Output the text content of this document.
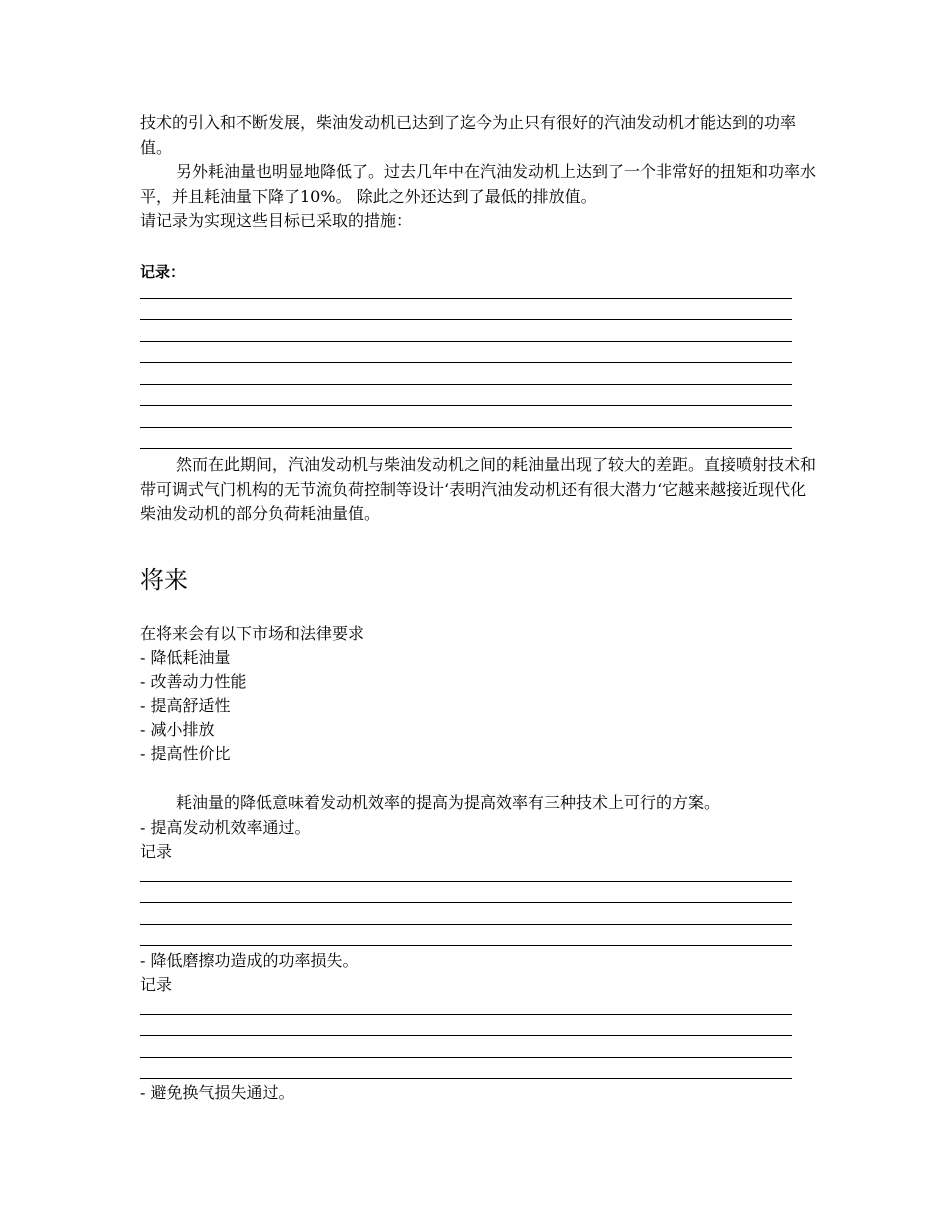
技术的引入和不断发展，柴油发动机已达到了迄今为止只有很好的汽油发动机才能达到的功率值。

另外耗油量也明显地降低了。过去几年中在汽油发动机上达到了一个非常好的扭矩和功率水平，并且耗油量下降了10%。 除此之外还达到了最低的排放值。

请记录为实现这些目标已采取的措施：

记录：

然而在此期间，汽油发动机与柴油发动机之间的耗油量出现了较大的差距。直接喷射技术和带可调式气门机构的无节流负荷控制等设计‘表明汽油发动机还有很大潜力‘它越来越接近现代化柴油发动机的部分负荷耗油量值。

将来

在将来会有以下市场和法律要求

- 降低耗油量

- 改善动力性能

- 提高舒适性

- 减小排放

- 提高性价比

耗油量的降低意味着发动机效率的提高为提高效率有三种技术上可行的方案。

- 提高发动机效率通过。

记录

- 降低磨擦功造成的功率损失。

记录

- 避免换气损失通过。
